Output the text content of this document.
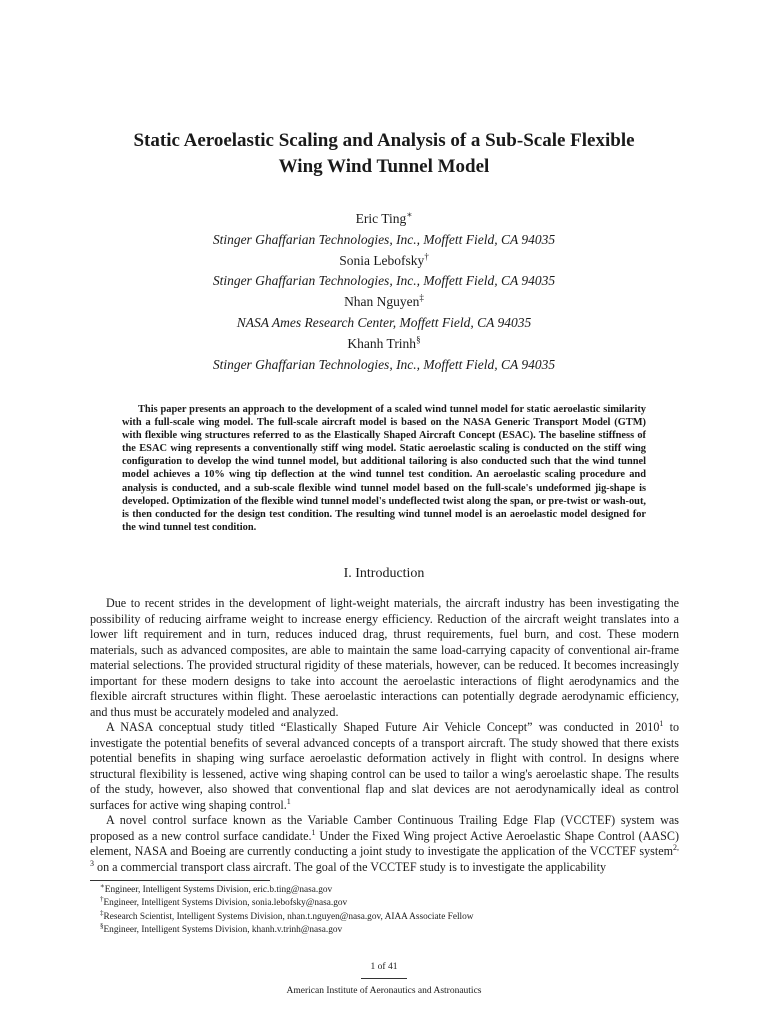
Static Aeroelastic Scaling and Analysis of a Sub-Scale Flexible
Wing Wind Tunnel Model
Eric Ting∗
Stinger Ghaffarian Technologies, Inc., Moffett Field, CA 94035
Sonia Lebofsky†
Stinger Ghaffarian Technologies, Inc., Moffett Field, CA 94035
Nhan Nguyen‡
NASA Ames Research Center, Moffett Field, CA 94035
Khanh Trinh§
Stinger Ghaffarian Technologies, Inc., Moffett Field, CA 94035
This paper presents an approach to the development of a scaled wind tunnel model for static aeroelastic similarity with a full-scale wing model. The full-scale aircraft model is based on the NASA Generic Transport Model (GTM) with flexible wing structures referred to as the Elastically Shaped Aircraft Concept (ESAC). The baseline stiffness of the ESAC wing represents a conventionally stiff wing model. Static aeroelastic scaling is conducted on the stiff wing configuration to develop the wind tunnel model, but additional tailoring is also conducted such that the wind tunnel model achieves a 10% wing tip deflection at the wind tunnel test condition. An aeroelastic scaling procedure and analysis is conducted, and a sub-scale flexible wind tunnel model based on the full-scale's undeformed jig-shape is developed. Optimization of the flexible wind tunnel model's undeflected twist along the span, or pre-twist or wash-out, is then conducted for the design test condition. The resulting wind tunnel model is an aeroelastic model designed for the wind tunnel test condition.
I. Introduction

Due to recent strides in the development of light-weight materials, the aircraft industry has been investigating the possibility of reducing airframe weight to increase energy efficiency. Reduction of the aircraft weight translates into a lower lift requirement and in turn, reduces induced drag, thrust requirements, fuel burn, and cost. These modern materials, such as advanced composites, are able to maintain the same load-carrying capacity of conventional air-frame material selections. The provided structural rigidity of these materials, however, can be reduced. It becomes increasingly important for these modern designs to take into account the aeroelastic interactions of flight aerodynamics and the flexible aircraft structures within flight. These aeroelastic interactions can potentially degrade aerodynamic efficiency, and thus must be accurately modeled and analyzed.

A NASA conceptual study titled “Elastically Shaped Future Air Vehicle Concept” was conducted in 2010$^1$ to investigate the potential benefits of several advanced concepts of a transport aircraft. The study showed that there exists potential benefits in shaping wing surface aeroelastic deformation actively in flight with control. In designs where structural flexibility is lessened, active wing shaping control can be used to tailor a wing's aeroelastic shape. The results of the study, however, also showed that conventional flap and slat devices are not aerodynamically ideal as control surfaces for active wing shaping control.$^1$

A novel control surface known as the Variable Camber Continuous Trailing Edge Flap (VCCTEF) system was proposed as a new control surface candidate.$^1$ Under the Fixed Wing project Active Aeroelastic Shape Control (AASC) element, NASA and Boeing are currently conducting a joint study to investigate the application of the VCCTEF system$^{2, 3}$ on a commercial transport class aircraft. The goal of the VCCTEF study is to investigate the applicability

∗Engineer, Intelligent Systems Division, eric.b.ting@nasa.gov
†Engineer, Intelligent Systems Division, sonia.lebofsky@nasa.gov
‡Research Scientist, Intelligent Systems Division, nhan.t.nguyen@nasa.gov, AIAA Associate Fellow
§Engineer, Intelligent Systems Division, khanh.v.trinh@nasa.gov
1 of 41
American Institute of Aeronautics and Astronautics
